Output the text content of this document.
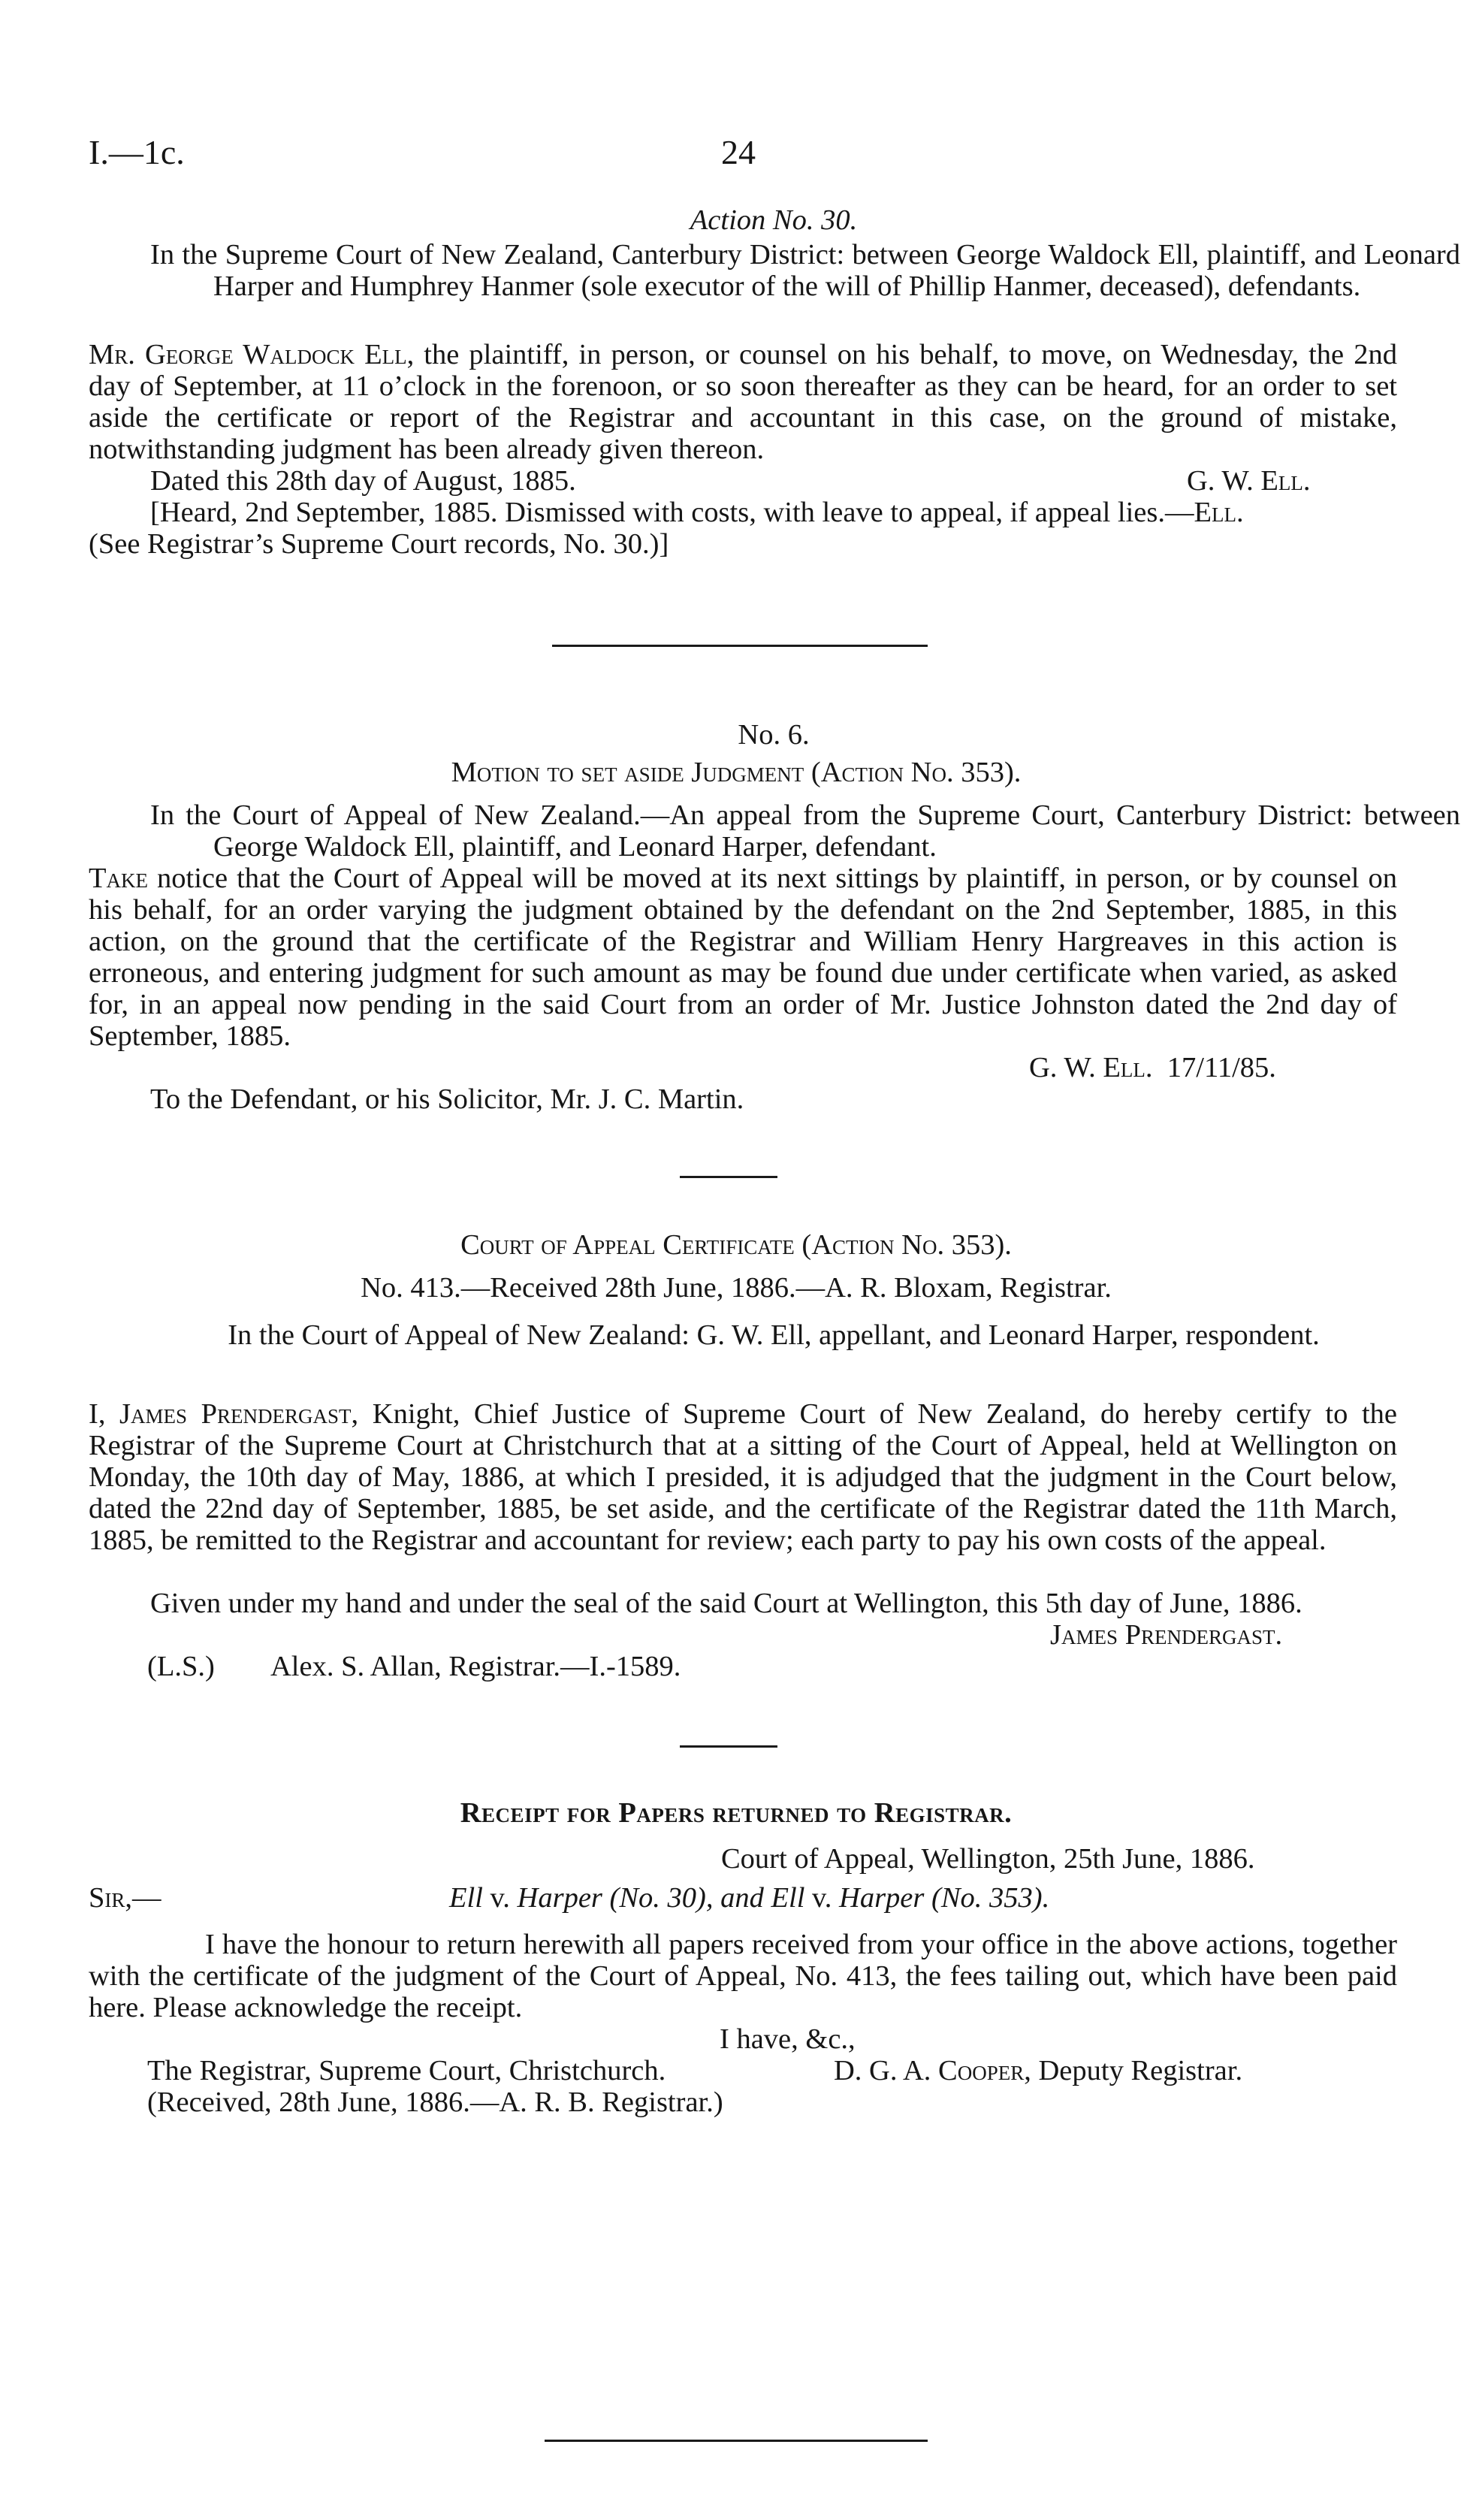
I.—1c.	24
Action No. 30.

In the Supreme Court of New Zealand, Canterbury District: between George Waldock Ell, plaintiff, and Leonard Harper and Humphrey Hanmer (sole executor of the will of Phillip Hanmer, deceased), defendants.

Mr. George Waldock Ell, the plaintiff, in person, or counsel on his behalf, to move, on Wednesday, the 2nd day of September, at 11 o’clock in the forenoon, or so soon thereafter as they can be heard, for an order to set aside the certificate or report of the Registrar and accountant in this case, on the ground of mistake, notwithstanding judgment has been already given thereon.

Dated this 28th day of August, 1885.	G. W. Ell.

[Heard, 2nd September, 1885. Dismissed with costs, with leave to appeal, if appeal lies.—Ell.

(See Registrar’s Supreme Court records, No. 30.)]
No. 6.
Motion to set aside Judgment (Action No. 353).

In the Court of Appeal of New Zealand.—An appeal from the Supreme Court, Canterbury District: between George Waldock Ell, plaintiff, and Leonard Harper, defendant.

Take notice that the Court of Appeal will be moved at its next sittings by plaintiff, in person, or by counsel on his behalf, for an order varying the judgment obtained by the defendant on the 2nd September, 1885, in this action, on the ground that the certificate of the Registrar and William Henry Hargreaves in this action is erroneous, and entering judgment for such amount as may be found due under certificate when varied, as asked for, in an appeal now pending in the said Court from an order of Mr. Justice Johnston dated the 2nd day of September, 1885.

G. W. Ell. 17/11/85.

To the Defendant, or his Solicitor, Mr. J. C. Martin.
Court of Appeal Certificate (Action No. 353).
No. 413.—Received 28th June, 1886.—A. R. Bloxam, Registrar.

In the Court of Appeal of New Zealand: G. W. Ell, appellant, and Leonard Harper, respondent.

I, James Prendergast, Knight, Chief Justice of Supreme Court of New Zealand, do hereby certify to the Registrar of the Supreme Court at Christchurch that at a sitting of the Court of Appeal, held at Wellington on Monday, the 10th day of May, 1886, at which I presided, it is adjudged that the judgment in the Court below, dated the 22nd day of September, 1885, be set aside, and the certificate of the Registrar dated the 11th March, 1885, be remitted to the Registrar and accountant for review; each party to pay his own costs of the appeal.

Given under my hand and under the seal of the said Court at Wellington, this 5th day of June, 1886.

James Prendergast.
(L.S.) Alex. S. Allan, Registrar.—I.-1589.
Receipt for Papers returned to Registrar.
Court of Appeal, Wellington, 25th June, 1886.
Sir,—	Ell v. Harper (No. 30), and Ell v. Harper (No. 353).

I have the honour to return herewith all papers received from your office in the above actions, together with the certificate of the judgment of the Court of Appeal, No. 413, the fees tailing out, which have been paid here. Please acknowledge the receipt.

I have, &c.,
The Registrar, Supreme Court, Christchurch.	D. G. A. Cooper, Deputy Registrar.

(Received, 28th June, 1886.—A. R. B. Registrar.)
